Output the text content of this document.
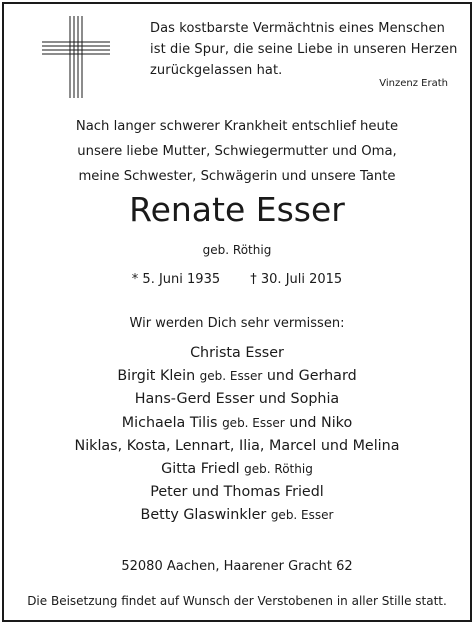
Das kostbarste Vermächtnis eines Menschen
ist die Spur, die seine Liebe in unseren Herzen
zurückgelassen hat.
Vinzenz Erath
Nach langer schwerer Krankheit entschlief heute
unsere liebe Mutter, Schwiegermutter und Oma,
meine Schwester, Schwägerin und unsere Tante
Renate Esser
geb. Röthig
* 5. Juni 1935 † 30. Juli 2015
Wir werden Dich sehr vermissen:
Christa Esser
Birgit Klein geb. Esser und Gerhard
Hans-Gerd Esser und Sophia
Michaela Tilis geb. Esser und Niko
Niklas, Kosta, Lennart, Ilia, Marcel und Melina
Gitta Friedl geb. Röthig
Peter und Thomas Friedl
Betty Glaswinkler geb. Esser
52080 Aachen, Haarener Gracht 62
Die Beisetzung findet auf Wunsch der Verstobenen in aller Stille statt.
